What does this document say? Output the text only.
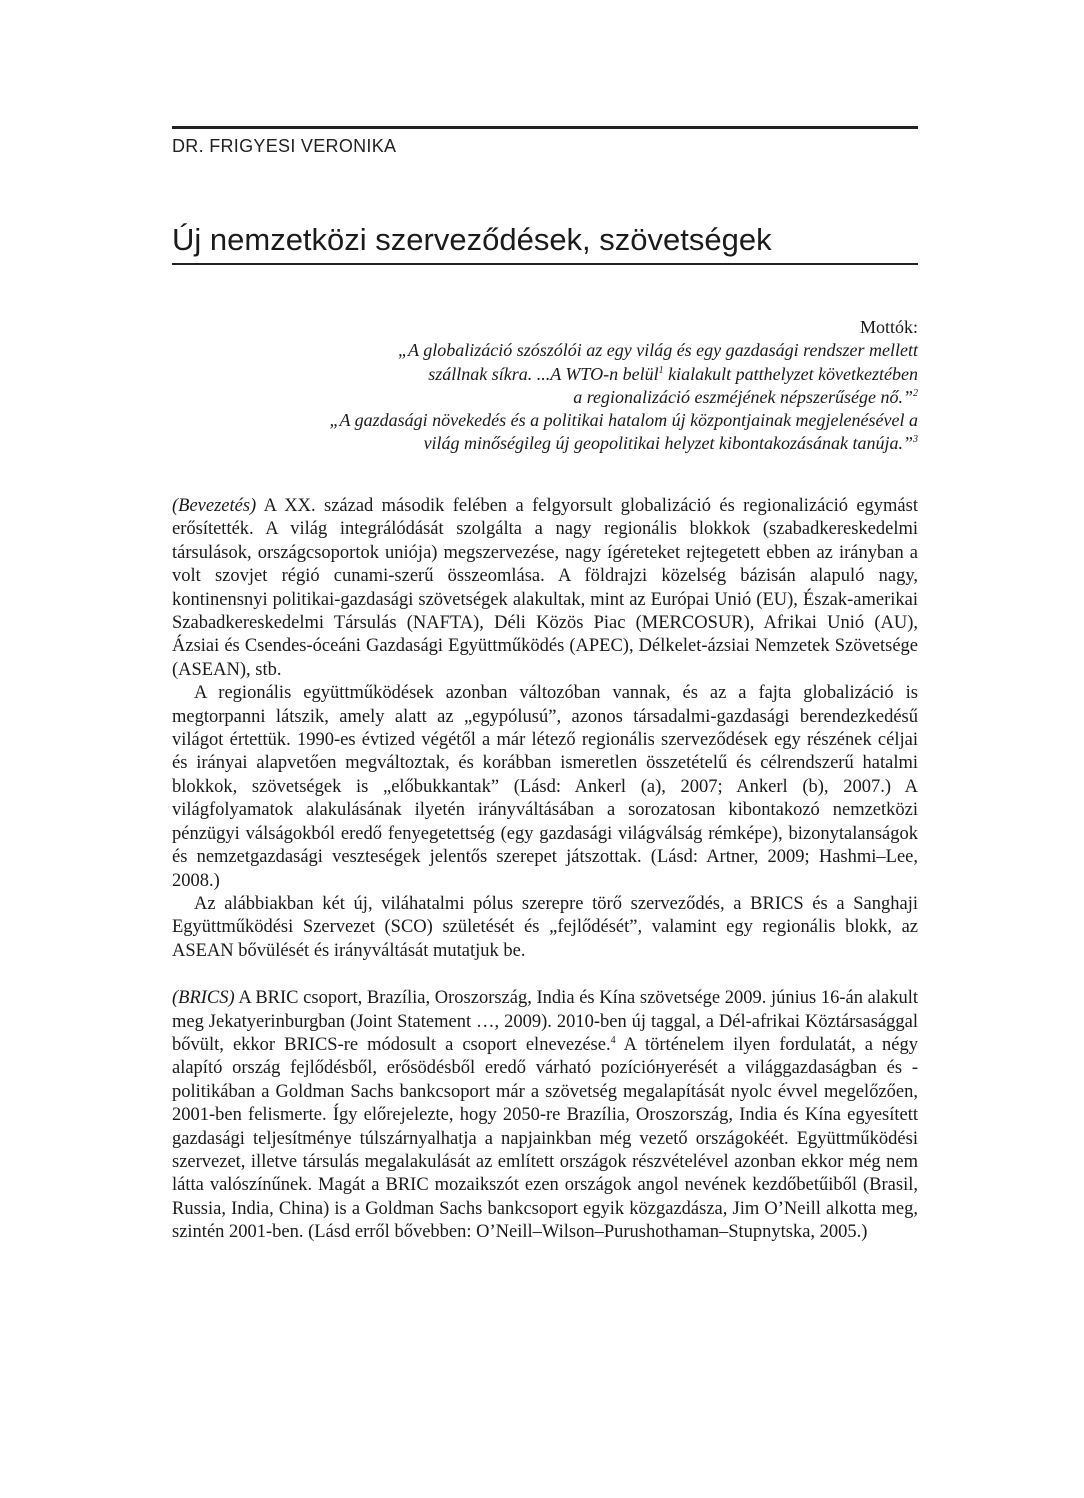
DR. FRIGYESI VERONIKA
Új nemzetközi szerveződések, szövetségek
Mottók:
„A globalizáció szószólói az egy világ és egy gazdasági rendszer mellett
szállnak síkra. ...A WTO-n belül$^1$ kialakult patthelyzet következtében
a regionalizáció eszméjének népszerűsége nő.”$^2$
„A gazdasági növekedés és a politikai hatalom új központjainak megjelenésével a
világ minőségileg új geopolitikai helyzet kibontakozásának tanúja.”$^3$

(Bevezetés) A XX. század második felében a felgyorsult globalizáció és regionalizáció egymást erősítették. A világ integrálódását szolgálta a nagy regionális blokkok (szabadkereskedelmi társulások, országcsoportok uniója) megszervezése, nagy ígéreteket rejtegetett ebben az irányban a volt szovjet régió cunami-szerű összeomlása. A földrajzi közelség bázisán alapuló nagy, kontinensnyi politikai-gazdasági szövetségek alakultak, mint az Európai Unió (EU), Észak-amerikai Szabadkereskedelmi Társulás (NAFTA), Déli Közös Piac (MERCOSUR), Afrikai Unió (AU), Ázsiai és Csendes-óceáni Gazdasági Együttműködés (APEC), Délkelet-ázsiai Nemzetek Szövetsége (ASEAN), stb.

A regionális együttműködések azonban változóban vannak, és az a fajta globalizáció is megtorpanni látszik, amely alatt az „egypólusú”, azonos társadalmi-gazdasági berendezkedésű világot értettük. 1990-es évtized végétől a már létező regionális szerveződések egy részének céljai és irányai alapvetően megváltoztak, és korábban ismeretlen összetételű és célrendszerű hatalmi blokkok, szövetségek is „előbukkantak” (Lásd: Ankerl (a), 2007; Ankerl (b), 2007.) A világfolyamatok alakulásának ilyetén irányváltásában a sorozatosan kibontakozó nemzetközi pénzügyi válságokból eredő fenyegetettség (egy gazdasági világválság rémképe), bizonytalanságok és nemzetgazdasági veszteségek jelentős szerepet játszottak. (Lásd: Artner, 2009; Hashmi–Lee, 2008.)

Az alábbiakban két új, viláhatalmi pólus szerepre törő szerveződés, a BRICS és a Sanghaji Együttműködési Szervezet (SCO) születését és „fejlődését”, valamint egy regionális blokk, az ASEAN bővülését és irányváltását mutatjuk be.

(BRICS) A BRIC csoport, Brazília, Oroszország, India és Kína szövetsége 2009. június 16-án alakult meg Jekatyerinburgban (Joint Statement …, 2009). 2010-ben új taggal, a Dél-afrikai Köztársasággal bővült, ekkor BRICS-re módosult a csoport elnevezése.$^4$ A történelem ilyen fordulatát, a négy alapító ország fejlődésből, erősödésből eredő várható pozícióнyerését a világgazdaságban és -politikában a Goldman Sachs bankcsoport már a szövetség megalapítását nyolc évvel megelőzően, 2001-ben felismerte. Így előrejelezte, hogy 2050-re Brazília, Oroszország, India és Kína egyesített gazdasági teljesítménye túlszárnyalhatja a napjainkban még vezető országokéét. Együttműködési szervezet, illetve társulás megalakulását az említett országok részvételével azonban ekkor még nem látta valószínűnek. Magát a BRIC mozaikszót ezen országok angol nevének kezdőbetűiből (Brasil, Russia, India, China) is a Goldman Sachs bankcsoport egyik közgazdásza, Jim O’Neill alkotta meg, szintén 2001-ben. (Lásd erről bővebben: O’Neill–Wilson–Purushothaman–Stupnytska, 2005.)
